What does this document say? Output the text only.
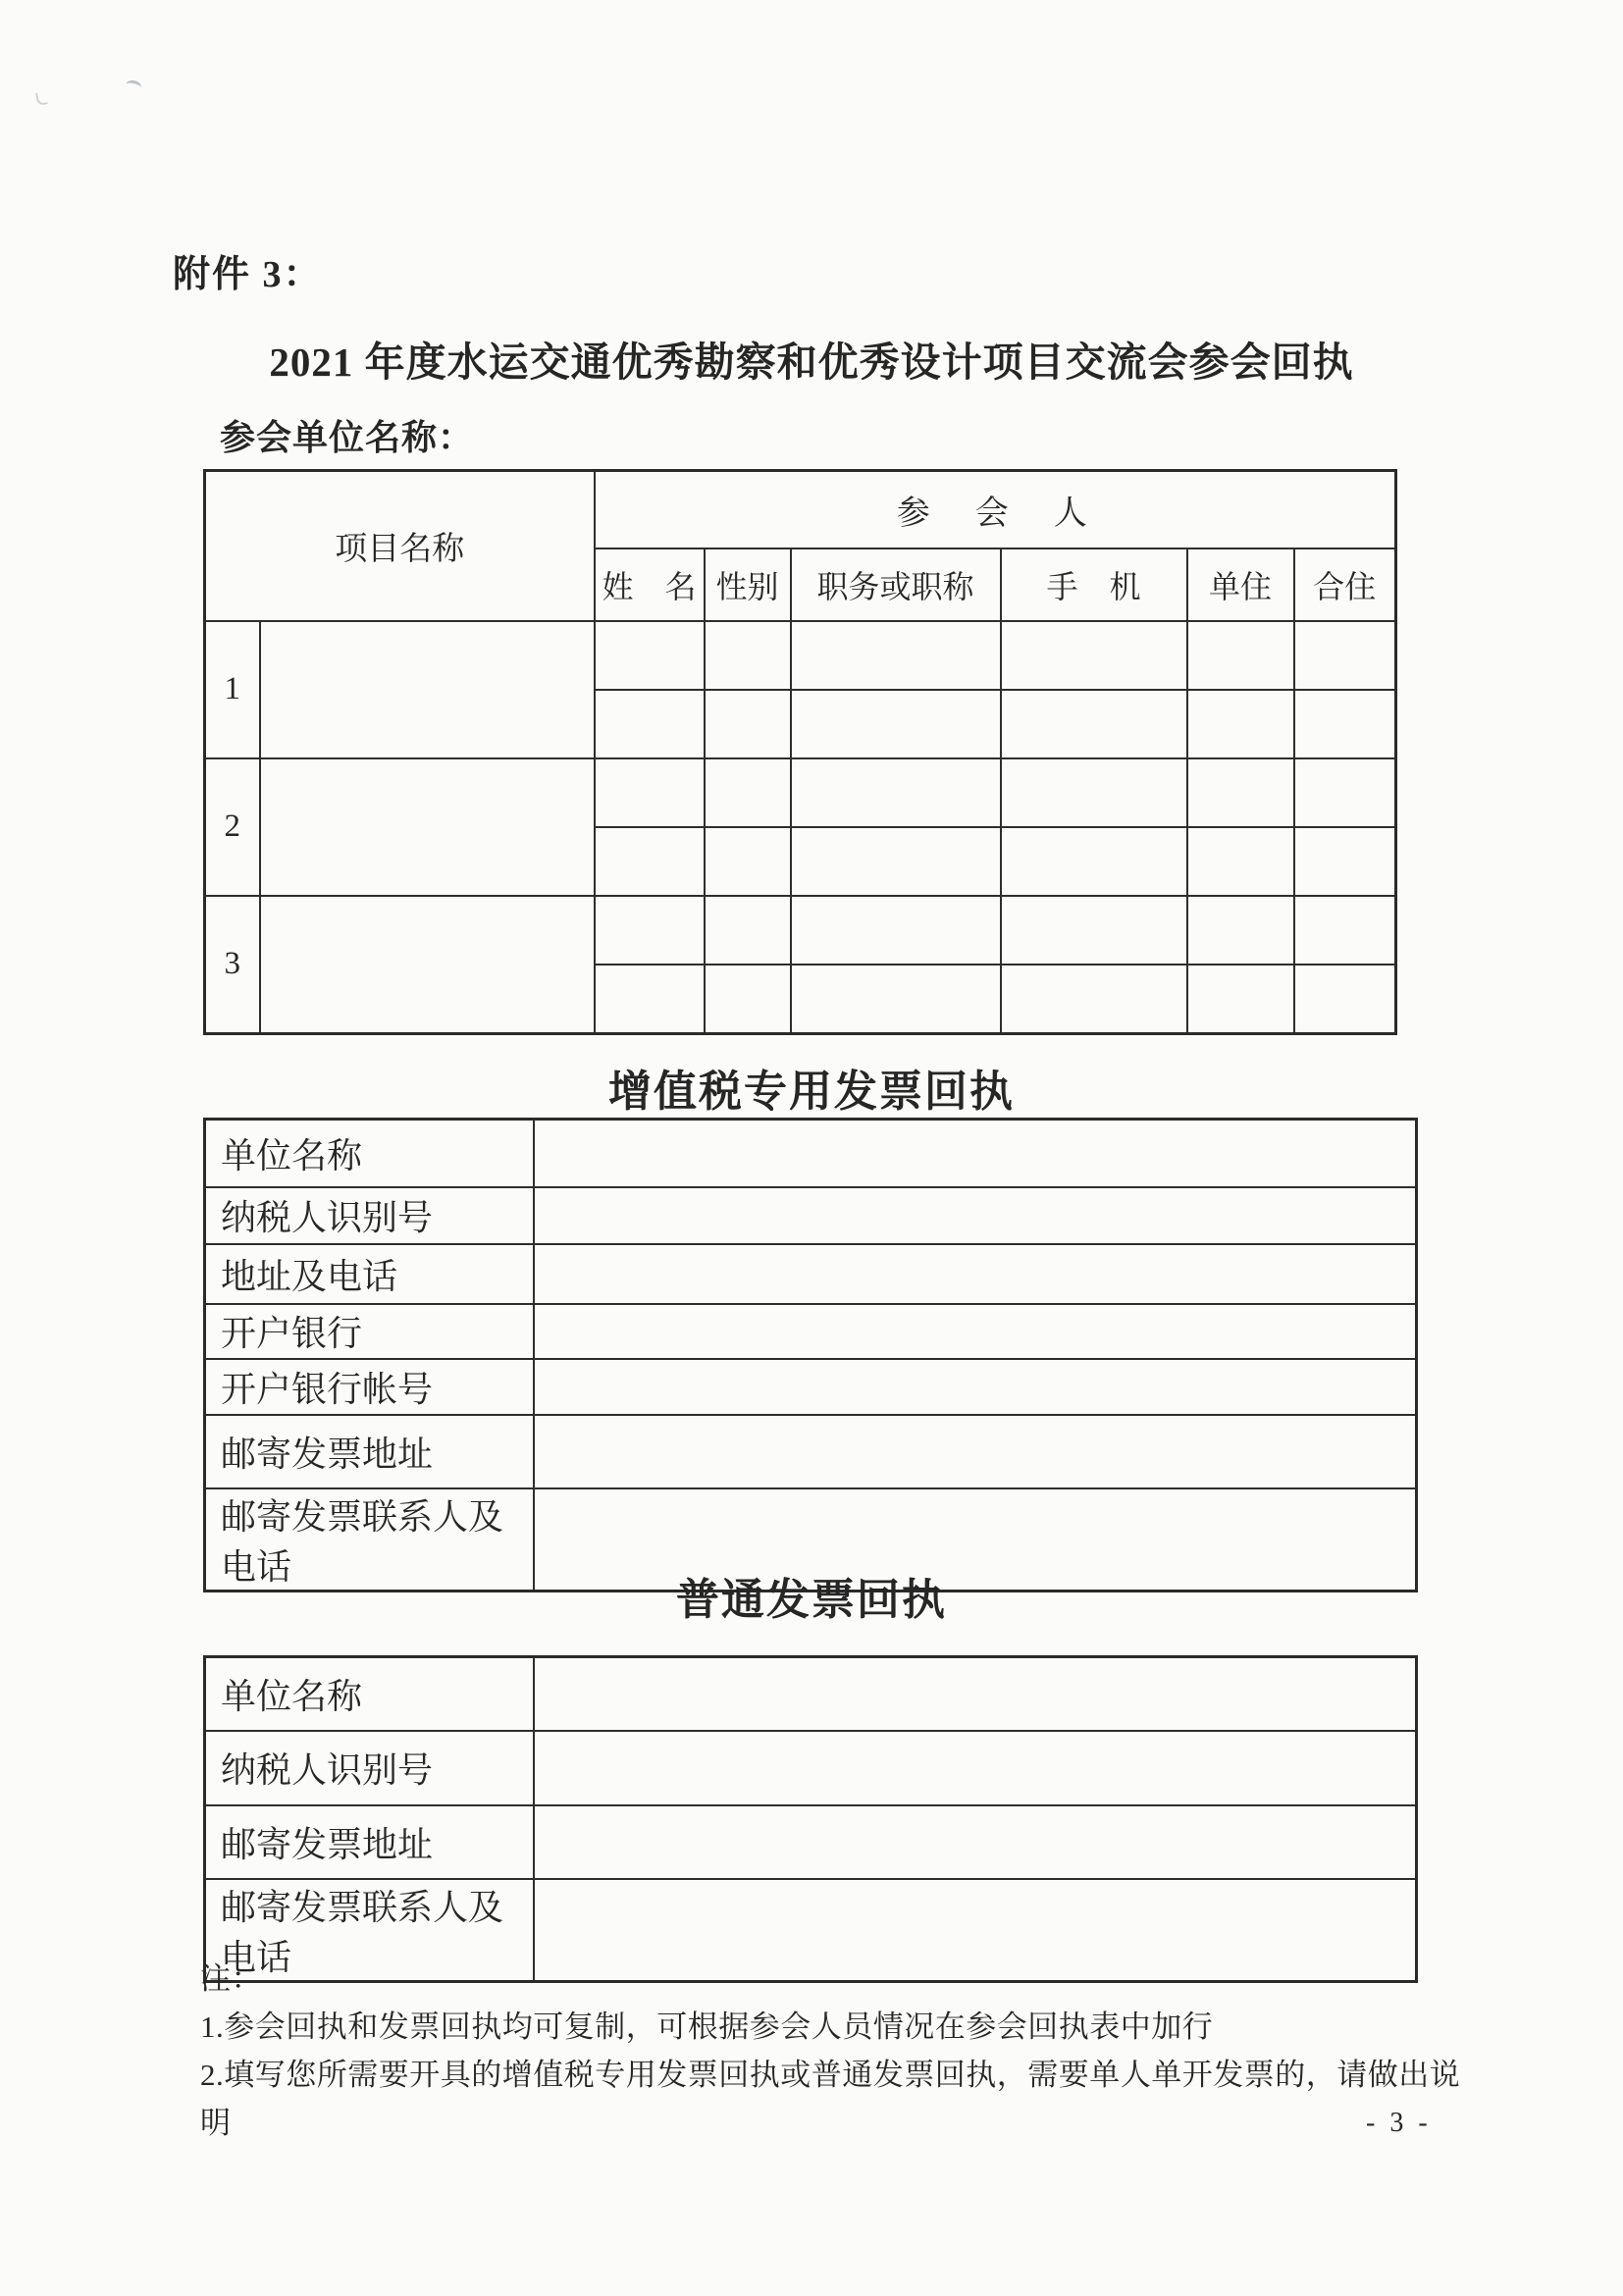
附件 3：
2021 年度水运交通优秀勘察和优秀设计项目交流会参会回执
参会单位名称：
项目名称		参　会　人					
		姓　名	性别	职务或职称	手　机	单住	合住
1							

2							

3							

增值税专用发票回执
单位名称	
纳税人识别号	
地址及电话	
开户银行	
开户银行帐号	
邮寄发票地址	
邮寄发票联系人及电话	
普通发票回执
单位名称	
纳税人识别号	
邮寄发票地址	
邮寄发票联系人及电话	
注：
1.参会回执和发票回执均可复制，可根据参会人员情况在参会回执表中加行
2.填写您所需要开具的增值税专用发票回执或普通发票回执，需要单人单开发票的，请做出说明	- 3 -
